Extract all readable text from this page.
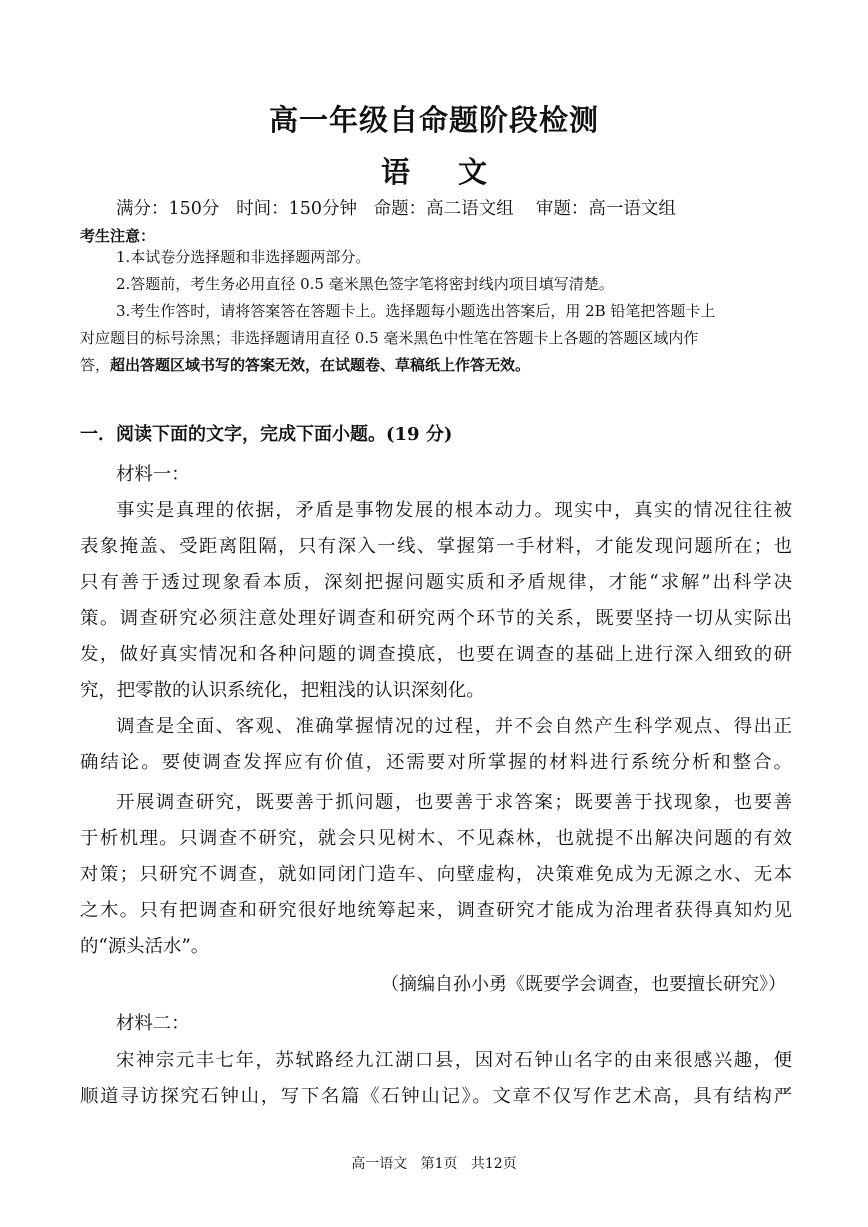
高一年级自命题阶段检测
语文
满分：150分   时间：150分钟   命题：高二语文组    审题：高一语文组
考生注意：
1.本试卷分选择题和非选择题两部分。
2.答题前，考生务必用直径 0.5 毫米黑色签字笔将密封线内项目填写清楚。
3.考生作答时，请将答案答在答题卡上。选择题每小题选出答案后，用 2B 铅笔把答题卡上
对应题目的标号涂黑；非选择题请用直径 0.5 毫米黑色中性笔在答题卡上各题的答题区域内作
答，超出答题区域书写的答案无效，在试题卷、草稿纸上作答无效。
一．阅读下面的文字，完成下面小题。(19 分)
材料一：
事实是真理的依据，矛盾是事物发展的根本动力。现实中，真实的情况往往被
表象掩盖、受距离阻隔，只有深入一线、掌握第一手材料，才能发现问题所在；也
只有善于透过现象看本质，深刻把握问题实质和矛盾规律，才能“求解”出科学决
策。调查研究必须注意处理好调查和研究两个环节的关系，既要坚持一切从实际出
发，做好真实情况和各种问题的调查摸底，也要在调查的基础上进行深入细致的研
究，把零散的认识系统化，把粗浅的认识深刻化。
调查是全面、客观、准确掌握情况的过程，并不会自然产生科学观点、得出正
确结论。要使调查发挥应有价值，还需要对所掌握的材料进行系统分析和整合。
开展调查研究，既要善于抓问题，也要善于求答案；既要善于找现象，也要善
于析机理。只调查不研究，就会只见树木、不见森林，也就提不出解决问题的有效
对策；只研究不调查，就如同闭门造车、向壁虚构，决策难免成为无源之水、无本
之木。只有把调查和研究很好地统筹起来，调查研究才能成为治理者获得真知灼见
的“源头活水”。
（摘编自孙小勇《既要学会调查，也要擅长研究》）
材料二：
宋神宗元丰七年，苏轼路经九江湖口县，因对石钟山名字的由来很感兴趣，便
顺道寻访探究石钟山，写下名篇《石钟山记》。文章不仅写作艺术高，具有结构严
高一语文   第1页   共12页
